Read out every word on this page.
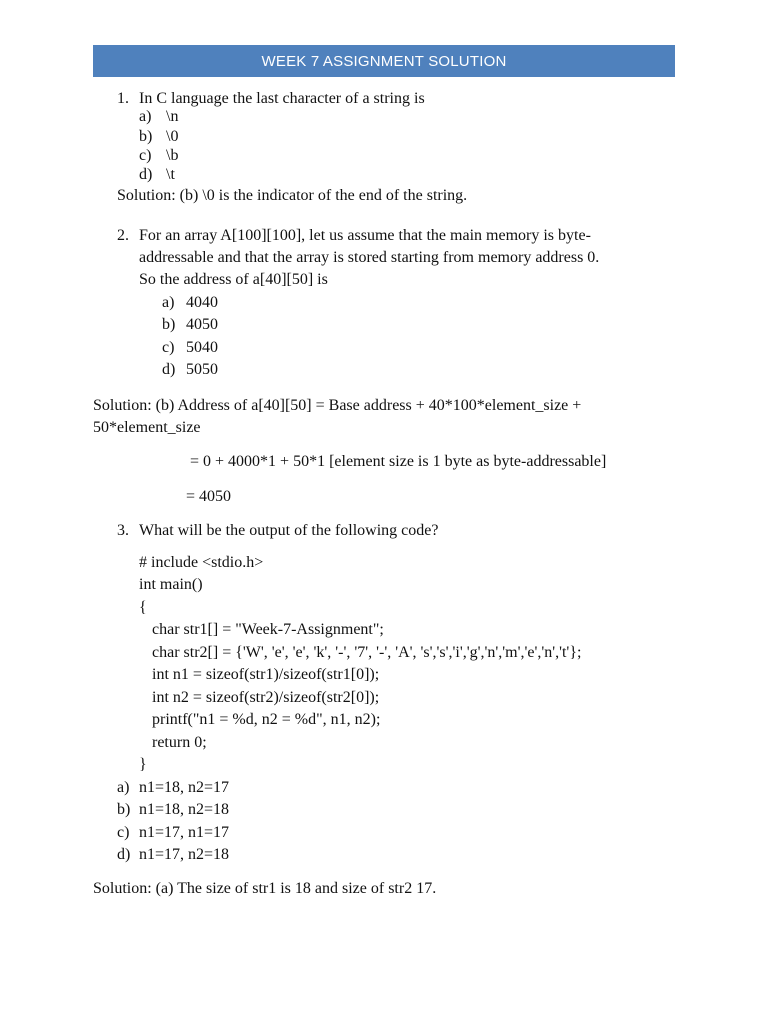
WEEK 7 ASSIGNMENT SOLUTION
1. In C language the last character of a string is
a) \n
b) \0
c) \b
d) \t
Solution: (b) \0 is the indicator of the end of the string.
2. For an array A[100][100], let us assume that the main memory is byte-
addressable and that the array is stored starting from memory address 0.
So the address of a[40][50] is
a) 4040
b) 4050
c) 5040
d) 5050
Solution: (b) Address of a[40][50] = Base address + 40*100*element_size +
50*element_size
= 0 + 4000*1 + 50*1 [element size is 1 byte as byte-addressable]
= 4050
3. What will be the output of the following code?
# include <stdio.h>
int main()
{
char str1[] = "Week-7-Assignment";
char str2[] = {'W', 'e', 'e', 'k', '-', '7', '-', 'A', 's','s','i','g','n','m','e','n','t'};
int n1 = sizeof(str1)/sizeof(str1[0]);
int n2 = sizeof(str2)/sizeof(str2[0]);
printf("n1 = %d, n2 = %d", n1, n2);
return 0;
}
a) n1=18, n2=17
b) n1=18, n2=18
c) n1=17, n1=17
d) n1=17, n2=18
Solution: (a) The size of str1 is 18 and size of str2 17.
